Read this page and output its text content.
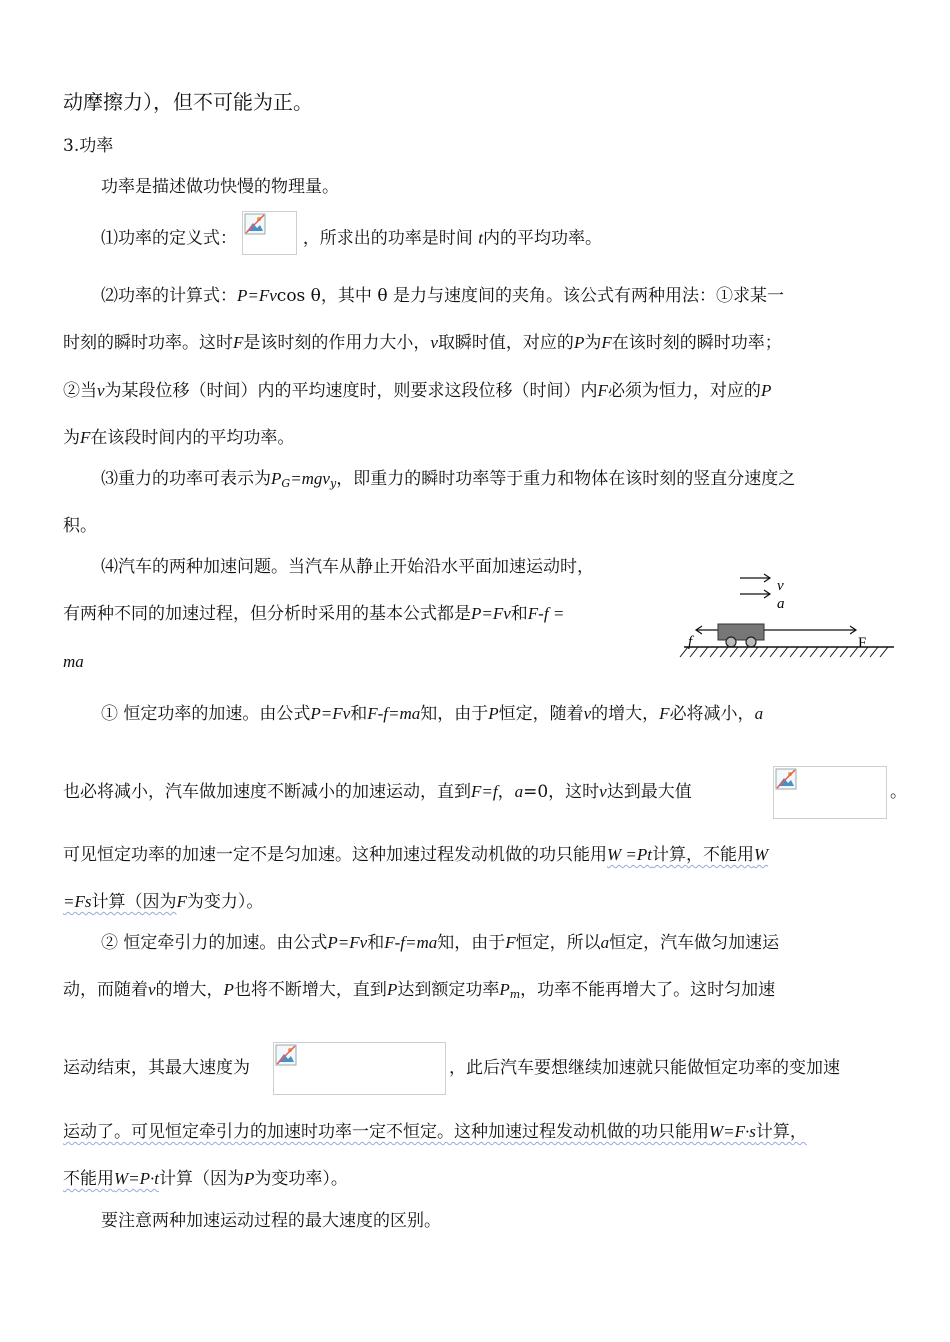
动摩擦力），但不可能为正。
3.功率
功率是描述做功快慢的物理量。
⑴功率的定义式：	，所求出的功率是时间 t内的平均功率。
⑵功率的计算式：P=Fvcos θ，其中 θ 是力与速度间的夹角。该公式有两种用法：①求某一
时刻的瞬时功率。这时F是该时刻的作用力大小，v取瞬时值，对应的P为F在该时刻的瞬时功率；
②当v为某段位移（时间）内的平均速度时，则要求这段位移（时间）内F必须为恒力，对应的P
为F在该段时间内的平均功率。
⑶重力的功率可表示为$P_G=mgv_y$，即重力的瞬时功率等于重力和物体在该时刻的竖直分速度之
积。
⑷汽车的两种加速问题。当汽车从静止开始沿水平面加速运动时，
有两种不同的加速过程，但分析时采用的基本公式都是P=Fv和F-f =
ma
v
a
f	F
① 恒定功率的加速。由公式P=Fv和F-f=ma知，由于P恒定，随着v的增大，F必将减小，a
也必将减小，汽车做加速度不断减小的加速运动，直到F=f，a=0，这时v达到最大值	。
可见恒定功率的加速一定不是匀加速。这种加速过程发动机做的功只能用W =Pt计算，不能用W
=Fs计算（因为F为变力）。
② 恒定牵引力的加速。由公式P=Fv和F-f=ma知，由于F恒定，所以a恒定，汽车做匀加速运
动，而随着v的增大，P也将不断增大，直到P达到额定功率$P_m$，功率不能再增大了。这时匀加速
运动结束，其最大速度为	，此后汽车要想继续加速就只能做恒定功率的变加速
运动了。可见恒定牵引力的加速时功率一定不恒定。这种加速过程发动机做的功只能用W=F·s计算，
不能用W=P·t计算（因为P为变功率）。
要注意两种加速运动过程的最大速度的区别。
